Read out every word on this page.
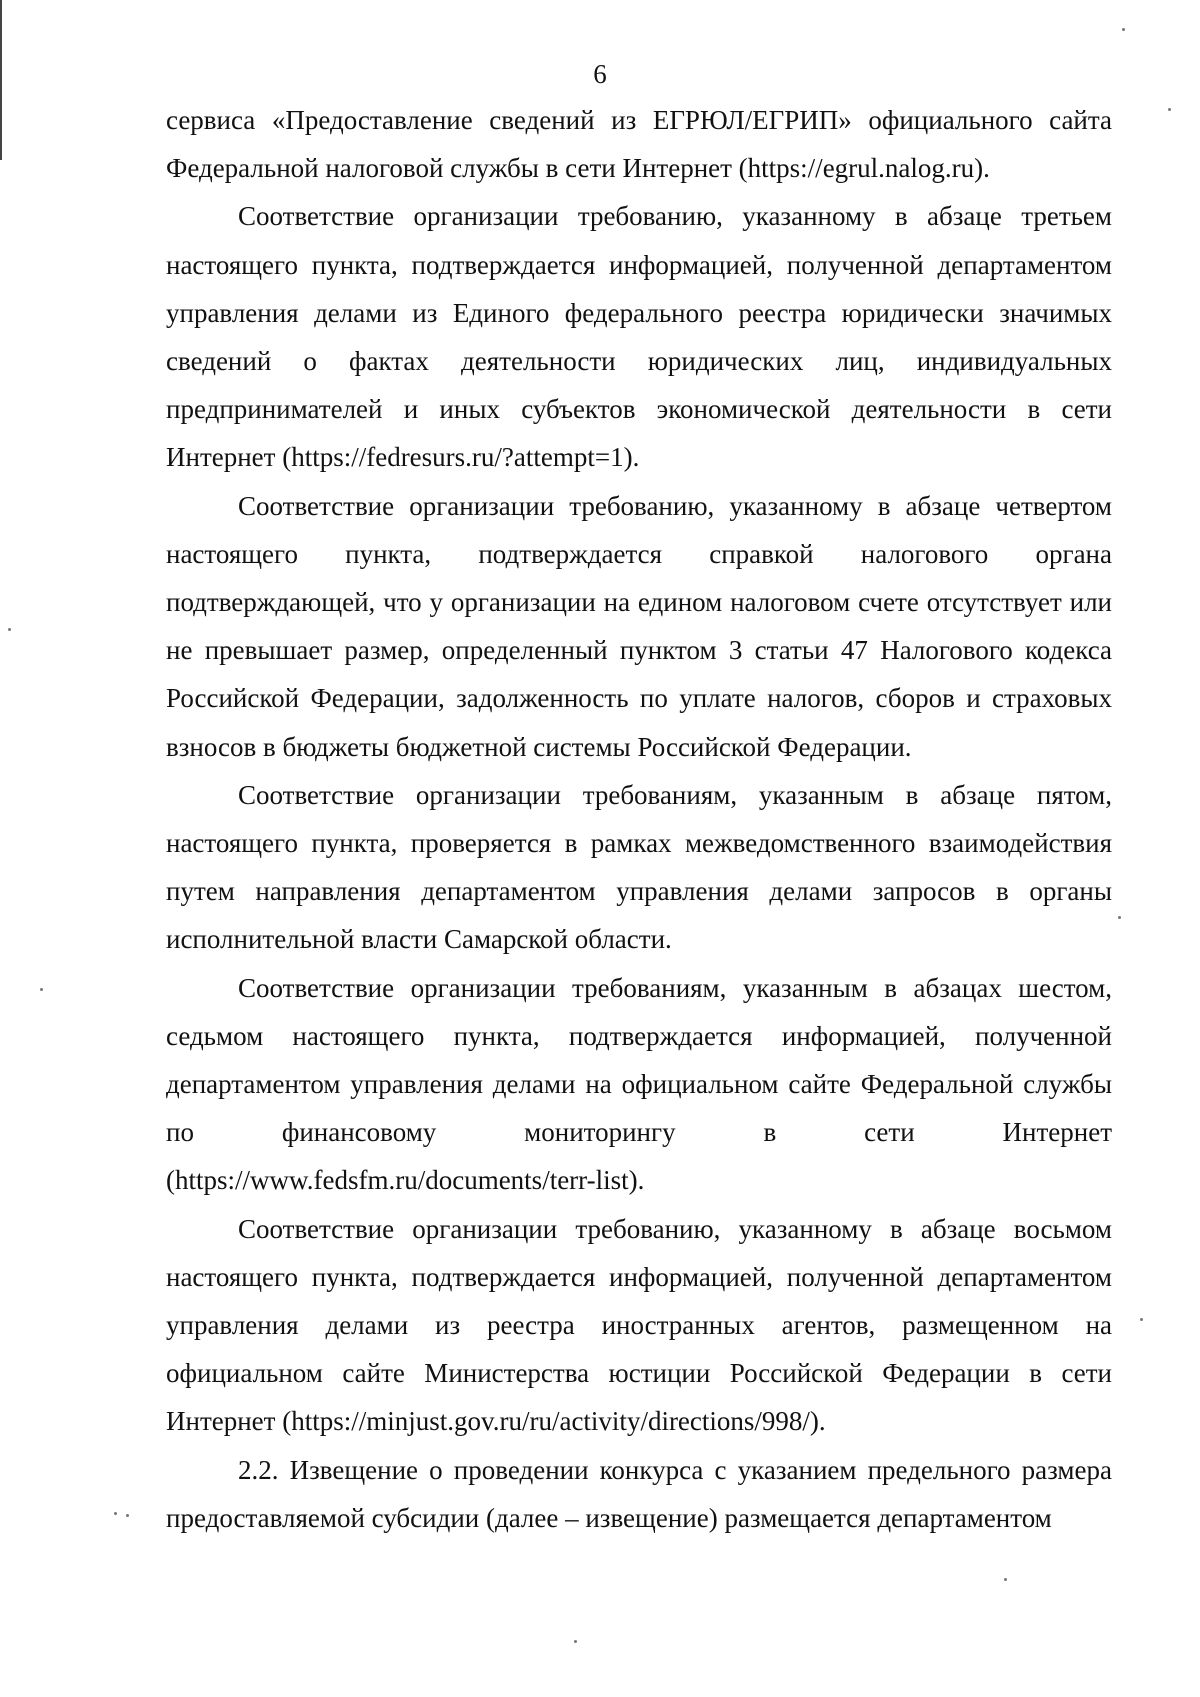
6

сервиса «Предоставление сведений из ЕГРЮЛ/ЕГРИП» официального сайта Федеральной налоговой службы в сети Интернет (https://egrul.nalog.ru).

Соответствие организации требованию, указанному в абзаце третьем настоящего пункта, подтверждается информацией, полученной департаментом управления делами из Единого федерального реестра юридически значимых сведений о фактах деятельности юридических лиц, индивидуальных предпринимателей и иных субъектов экономической деятельности в сети Интернет (https://fedresurs.ru/?attempt=1).

Соответствие организации требованию, указанному в абзаце четвертом настоящего пункта, подтверждается справкой налогового органа подтверждающей, что у организации на едином налоговом счете отсутствует или не превышает размер, определенный пунктом 3 статьи 47 Налогового кодекса Российской Федерации, задолженность по уплате налогов, сборов и страховых взносов в бюджеты бюджетной системы Российской Федерации.

Соответствие организации требованиям, указанным в абзаце пятом, настоящего пункта, проверяется в рамках межведомственного взаимодействия путем направления департаментом управления делами запросов в органы исполнительной власти Самарской области.

Соответствие организации требованиям, указанным в абзацах шестом, седьмом настоящего пункта, подтверждается информацией, полученной департаментом управления делами на официальном сайте Федеральной службы по финансовому мониторингу в сети Интернет (https://www.fedsfm.ru/documents/terr-list).

Соответствие организации требованию, указанному в абзаце восьмом настоящего пункта, подтверждается информацией, полученной департаментом управления делами из реестра иностранных агентов, размещенном на официальном сайте Министерства юстиции Российской Федерации в сети Интернет (https://minjust.gov.ru/ru/activity/directions/998/).

2.2. Извещение о проведении конкурса с указанием предельного размера предоставляемой субсидии (далее – извещение) размещается департаментом
